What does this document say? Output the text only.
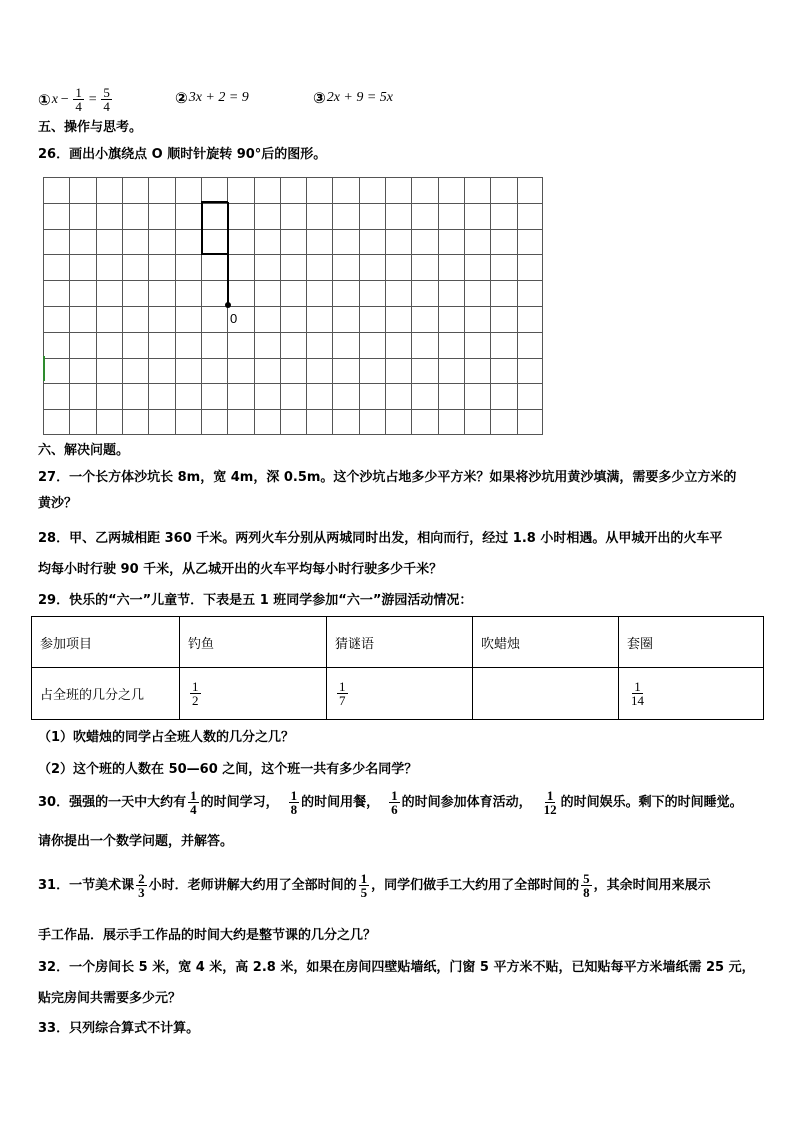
① $x - \frac{1}{4} = \frac{5}{4}$	② 3x + 2 = 9	③ 2x + 9 = 5x
五、操作与思考。
26．画出小旗绕点 O 顺时针旋转 90°后的图形。
0
六、解决问题。
27．一个长方体沙坑长 8m，宽 4m，深 0.5m。这个沙坑占地多少平方米？如果将沙坑用黄沙填满，需要多少立方米的
黄沙？
28．甲、乙两城相距 360 千米。两列火车分别从两城同时出发，相向而行，经过 1.8 小时相遇。从甲城开出的火车平
均每小时行驶 90 千米，从乙城开出的火车平均每小时行驶多少千米？
29．快乐的“六一”儿童节．下表是五 1 班同学参加“六一”游园活动情况：
参加项目	钓鱼	猜谜语	吹蜡烛	套圈
占全班的几分之几	$\frac{1}{2}$	$\frac{1}{7}$		$\frac{1}{14}$
（1）吹蜡烛的同学占全班人数的几分之几？
（2）这个班的人数在 50—60 之间，这个班一共有多少名同学？
30．强强的一天中大约有 $\frac{1}{4}$ 的时间学习， $\frac{1}{8}$ 的时间用餐， $\frac{1}{6}$ 的时间参加体育活动， $\frac{1}{12}$ 的时间娱乐。剩下的时间睡觉。
请你提出一个数学问题，并解答。
31．一节美术课 $\frac{2}{3}$ 小时．老师讲解大约用了全部时间的 $\frac{1}{5}$ ，同学们做手工大约用了全部时间的 $\frac{5}{8}$ ，其余时间用来展示
手工作品．展示手工作品的时间大约是整节课的几分之几？
32．一个房间长 5 米，宽 4 米，高 2.8 米，如果在房间四壁贴墙纸，门窗 5 平方米不贴，已知贴每平方米墙纸需 25 元，
贴完房间共需要多少元？
33．只列综合算式不计算。
